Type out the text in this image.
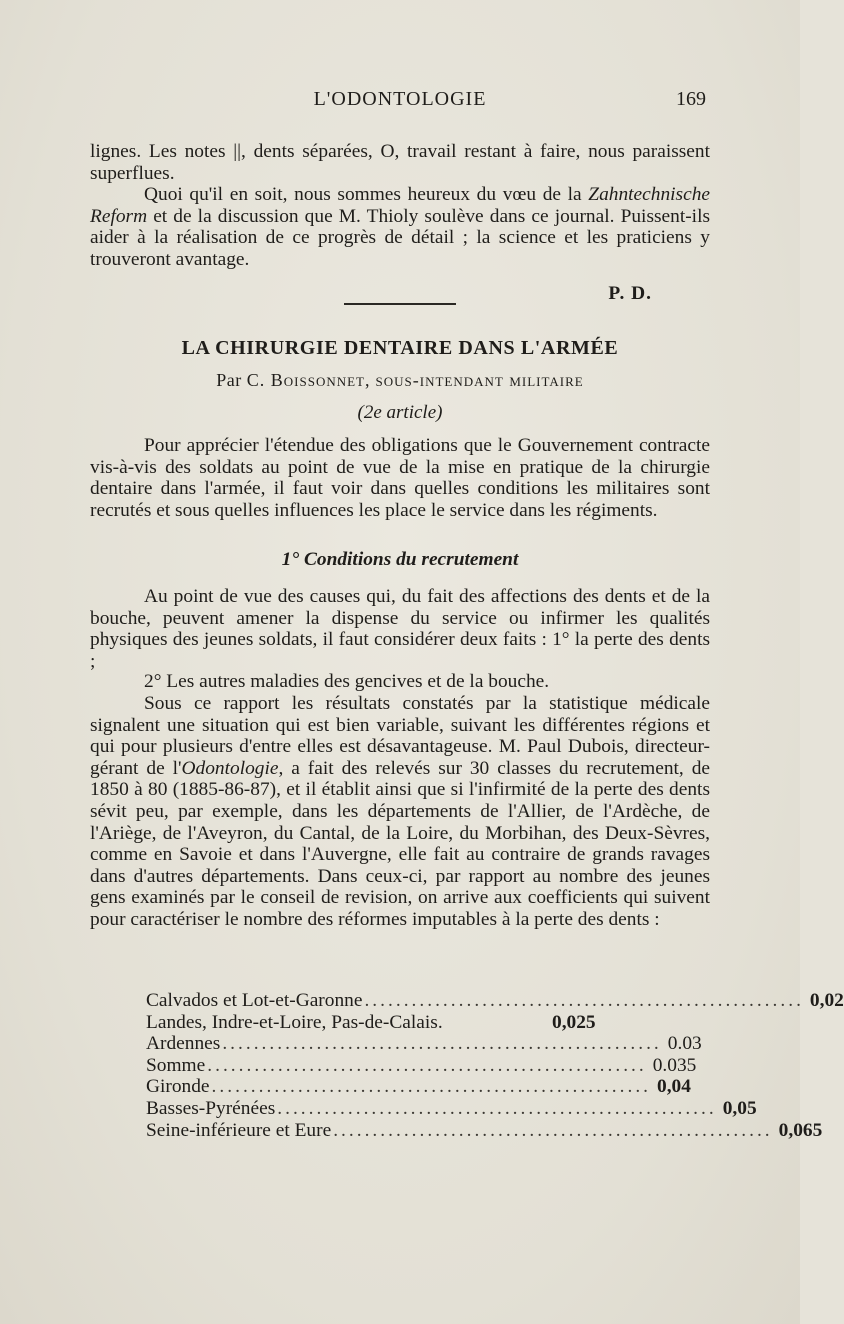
L'ODONTOLOGIE	169

lignes. Les notes ||, dents séparées, O, travail restant à faire, nous paraissent superflues.

Quoi qu'il en soit, nous sommes heureux du vœu de la Zahntechnische Reform et de la discussion que M. Thioly soulève dans ce journal. Puissent-ils aider à la réalisation de ce progrès de détail ; la science et les praticiens y trouveront avantage.

P. D.
LA CHIRURGIE DENTAIRE DANS L'ARMÉE
Par C. Boissonnet, sous-intendant militaire
(2e article)

Pour apprécier l'étendue des obligations que le Gouvernement contracte vis-à-vis des soldats au point de vue de la mise en pratique de la chirurgie dentaire dans l'armée, il faut voir dans quelles conditions les militaires sont recrutés et sous quelles influences les place le service dans les régiments.

1° Conditions du recrutement

Au point de vue des causes qui, du fait des affections des dents et de la bouche, peuvent amener la dispense du service ou infirmer les qualités physiques des jeunes soldats, il faut considérer deux faits : 1° la perte des dents ;

2° Les autres maladies des gencives et de la bouche.

Sous ce rapport les résultats constatés par la statistique médicale signalent une situation qui est bien variable, suivant les différentes régions et qui pour plusieurs d'entre elles est désavantageuse. M. Paul Dubois, directeur-gérant de l'Odontologie, a fait des relevés sur 30 classes du recrutement, de 1850 à 80 (1885-86-87), et il établit ainsi que si l'infirmité de la perte des dents sévit peu, par exemple, dans les départements de l'Allier, de l'Ardèche, de l'Ariège, de l'Aveyron, du Cantal, de la Loire, du Morbihan, des Deux-Sèvres, comme en Savoie et dans l'Auvergne, elle fait au contraire de grands ravages dans d'autres départements. Dans ceux-ci, par rapport au nombre des jeunes gens examinés par le conseil de revision, on arrive aux coefficients qui suivent pour caractériser le nombre des réformes imputables à la perte des dents :

Calvados et Lot-et-Garonne ........................................................ 0,02
Landes, Indre-et-Loire, Pas-de-Calais.	0,025
Ardennes ........................................................ 0.03
Somme ........................................................ 0.035
Gironde ........................................................ 0,04
Basses-Pyrénées ........................................................ 0,05
Seine-inférieure et Eure ........................................................ 0,065
